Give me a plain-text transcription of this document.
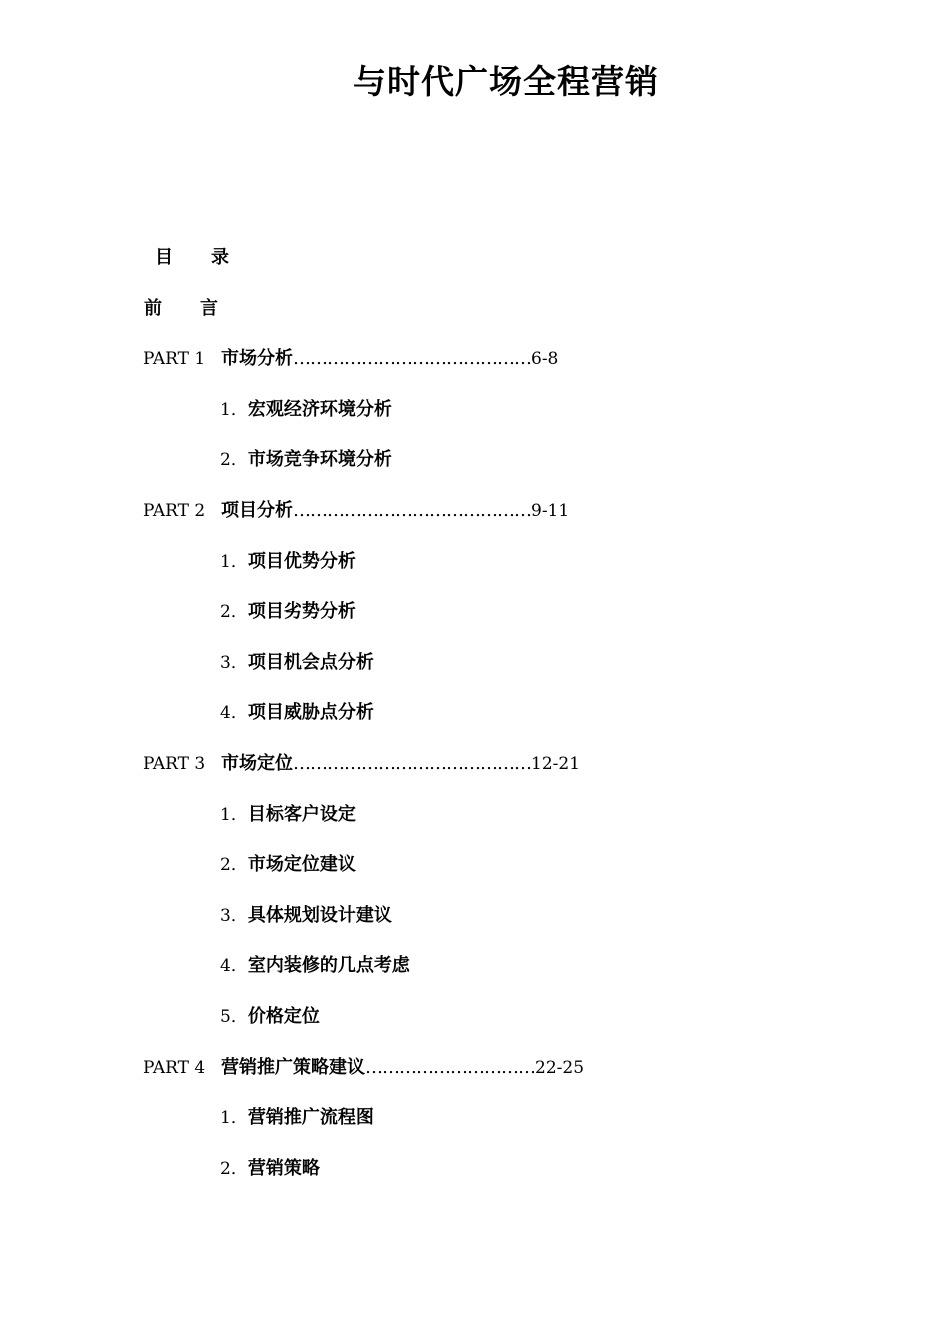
与时代广场全程营销
目 录
前 言
PART 1 市场分析……………………………………6-8
1．宏观经济环境分析
2．市场竞争环境分析
PART 2 项目分析……………………………………9-11
1．项目优势分析
2．项目劣势分析
3．项目机会点分析
4．项目威胁点分析
PART 3 市场定位……………………………………12-21
1．目标客户设定
2．市场定位建议
3．具体规划设计建议
4．室内装修的几点考虑
5．价格定位
PART 4 营销推广策略建议…………………………22-25
1．营销推广流程图
2．营销策略
